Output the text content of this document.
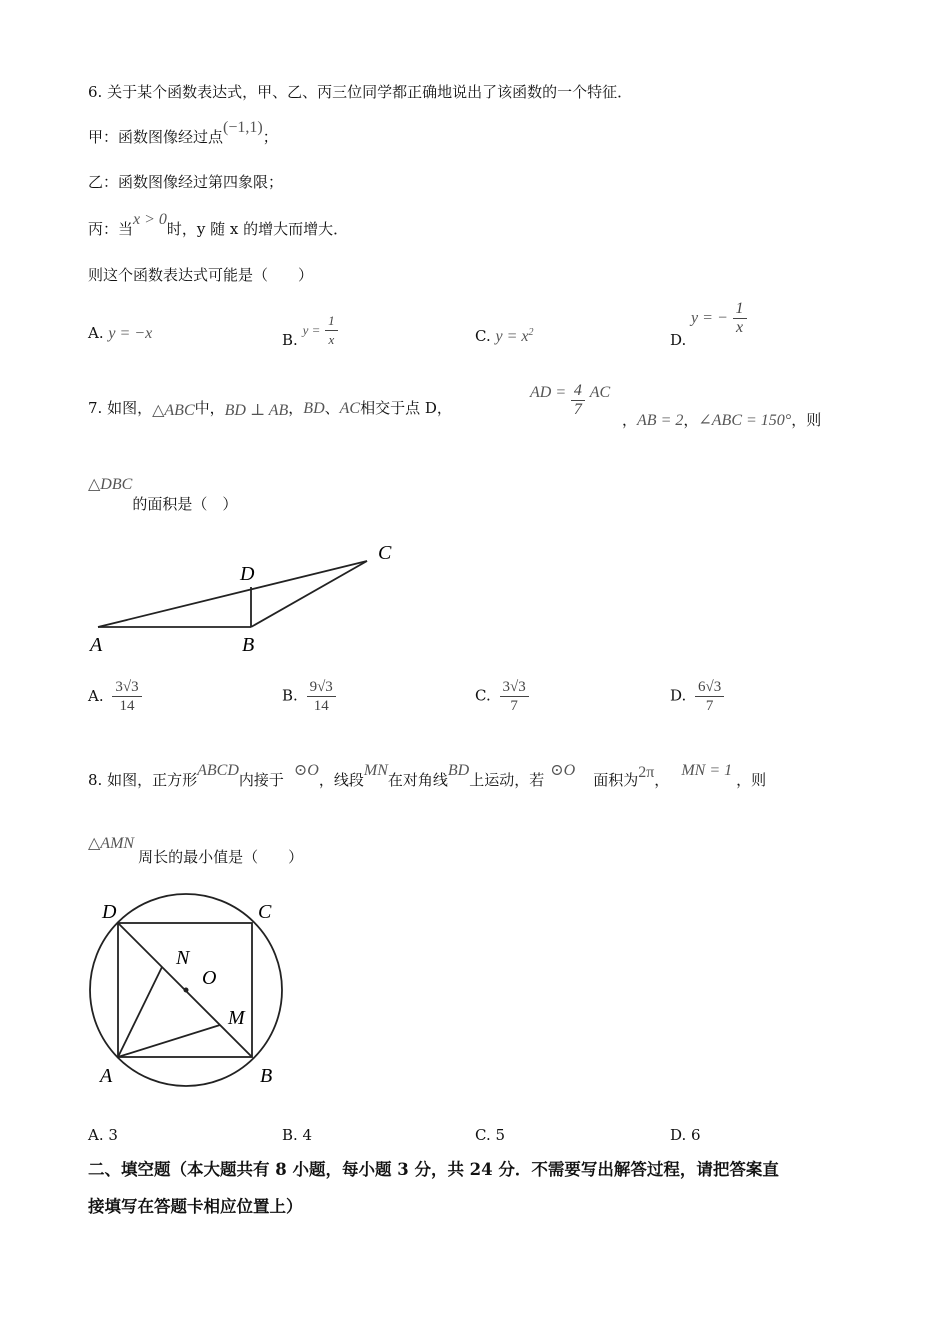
6. 关于某个函数表达式，甲、乙、丙三位同学都正确地说出了该函数的一个特征．
甲：函数图像经过点(−1,1)；
乙：函数图像经过第四象限；
丙：当x > 0时，y 随 x 的增大而增大．
则这个函数表达式可能是（　　）
A. y = −x	B. $y = \frac{1}{x}$	C. $y = x^2$	D. y = − $\frac{1}{x}$
7. 如图，△ABC中，BD ⊥ AB，BD、AC相交于点 D，
AD = $\frac{4}{7}$ AC
，AB = 2，∠ABC = 150°，则
△DBC的面积是（　）
A	B
C
D
A. $\frac{3√3}{14}$	B. $\frac{9√3}{14}$	C. $\frac{3√3}{7}$	D. $\frac{6√3}{7}$
8. 如图，正方形ABCD内接于⊙O，线段MN在对角线BD上运动，若⊙O面积为2π，MN = 1，则
△AMN周长的最小值是（　　）
D	C
N
O
M
A	B
A. 3	B. 4	C. 5	D. 6
二、填空题（本大题共有 8 小题，每小题 3 分，共 24 分．不需要写出解答过程，请把答案直
接填写在答题卡相应位置上）
